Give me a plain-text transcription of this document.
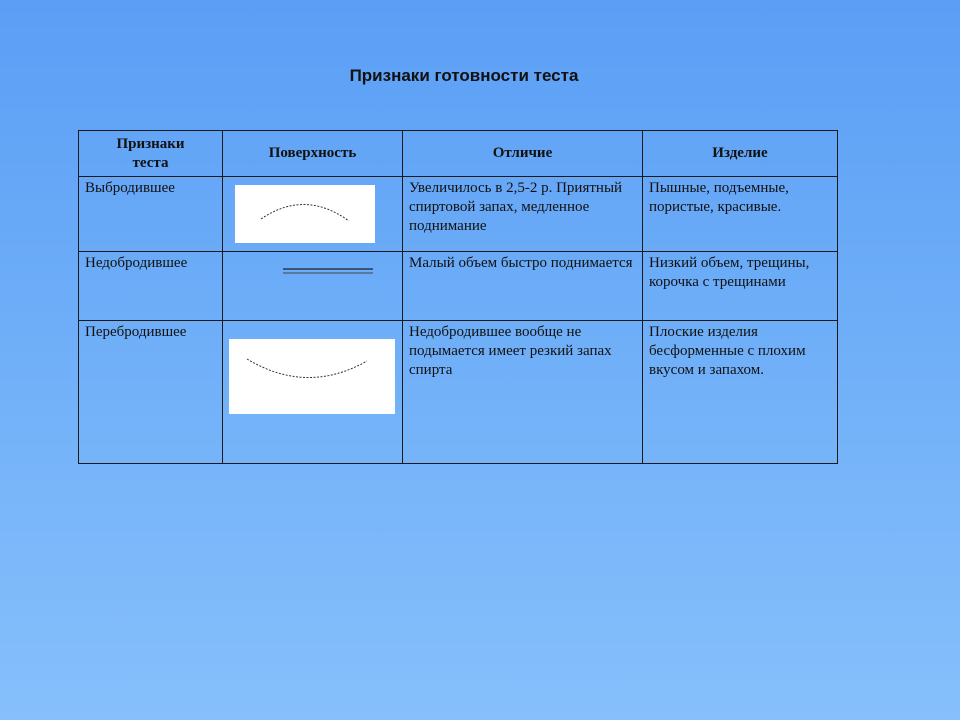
Признаки готовности теста
Признаки
теста	Поверхность	Отличие	Изделие
Выбродившее		Увеличилось в 2,5-2 р. Приятный спиртовой запах, медленное поднимание	Пышные, подъемные, пористые, красивые.
Недобродившее		Малый объем быстро поднимается	Низкий объем, трещины, корочка с трещинами
Перебродившее		Недобродившее вообще не подымается имеет резкий запах спирта	Плоские изделия бесформенные с плохим вкусом и запахом.
